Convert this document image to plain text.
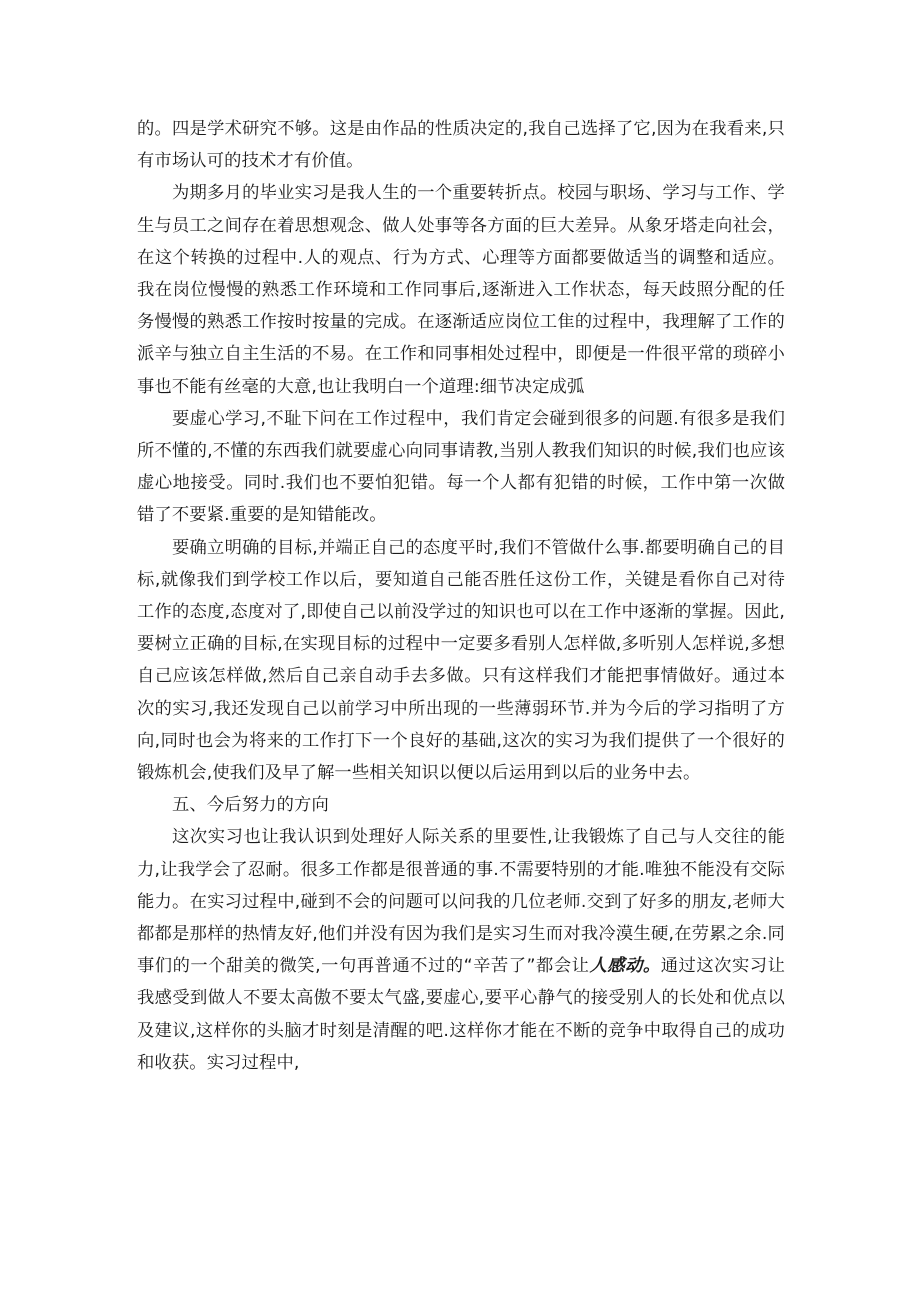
的。四是学术研究不够。这是由作品的性质决定的,我自己选择了它,因为在我看来,只有市场认可的技术才有价值。

为期多月的毕业实习是我人生的一个重要转折点。校园与职场、学习与工作、学生与员工之间存在着思想观念、做人处事等各方面的巨大差异。从象牙塔走向社会，在这个转换的过程中.人的观点、行为方式、心理等方面都要做适当的调整和适应。我在岗位慢慢的熟悉工作环境和工作同事后,逐渐进入工作状态，每天歧照分配的任务慢慢的熟悉工作按时按量的完成。在逐渐适应岗位工隹的过程中，我理解了工作的派辛与独立自主生活的不易。在工作和同事相处过程中，即便是一件很平常的琐碎小事也不能有丝毫的大意,也让我明白一个道理:细节决定成弧

要虚心学习,不耻下问在工作过程中，我们肯定会碰到很多的问题.有很多是我们所不懂的,不懂的东西我们就要虚心向同事请教,当别人教我们知识的时候,我们也应该虚心地接受。同时.我们也不要怕犯错。每一个人都有犯错的时候，工作中第一次做错了不要紧.重要的是知错能改。

要确立明确的目标,并端正自己的态度平时,我们不管做什么事.都要明确自己的目标,就像我们到学校工作以后，要知道自己能否胜任这份工作，关键是看你自己对待工作的态度,态度对了,即使自己以前没学过的知识也可以在工作中逐渐的掌握。因此,要树立正确的目标,在实现目标的过程中一定要多看别人怎样做,多听别人怎样说,多想自己应该怎样做,然后自己亲自动手去多做。只有这样我们才能把事情做好。通过本次的实习,我还发现自己以前学习中所出现的一些薄弱环节.并为今后的学习指明了方向,同时也会为将来的工作打下一个良好的基础,这次的实习为我们提供了一个很好的锻炼机会,使我们及早了解一些相关知识以便以后运用到以后的业务中去。

五、今后努力的方向

这次实习也让我认识到处理好人际关系的里要性,让我锻炼了自己与人交往的能力,让我学会了忍耐。很多工作都是很普通的事.不需要特别的才能.唯独不能没有交际能力。在实习过程中,碰到不会的问题可以问我的几位老师.交到了好多的朋友,老师大都都是那样的热情友好,他们并没有因为我们是实习生而对我冷漠生硬,在劳累之余.同事们的一个甜美的微笑,一句再普通不过的“辛苦了”都会让人感动。通过这次实习让我感受到做人不要太高傲不要太气盛,要虚心,要平心静气的接受别人的长处和优点以及建议,这样你的头脑才时刻是清醒的吧.这样你才能在不断的竞争中取得自己的成功和收获。实习过程中,
